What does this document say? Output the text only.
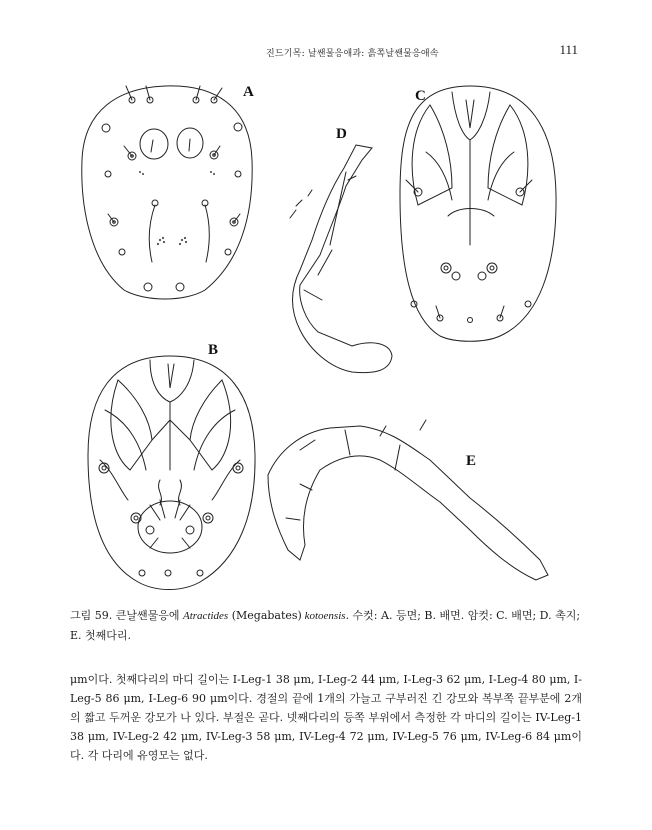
진드기목: 날쌘물응애과: 흙쪽날쌘물응애속	111
A
B
C
D
E
그림 59. 큰날쌘물응에 Atractides (Megabates) kotoensis. 수컷: A. 등면; B. 배면. 암컷: C. 배면; D. 촉지; E. 첫째다리.
μm이다. 첫째다리의 마디 길이는 I-Leg-1 38 μm, I-Leg-2 44 μm, I-Leg-3 62 μm, I-Leg-4 80 μm, I-Leg-5 86 μm, I-Leg-6 90 μm이다. 경절의 끝에 1개의 가늘고 구부러진 긴 강모와 복부쪽 끝부분에 2개의 짧고 두꺼운 강모가 나 있다. 부절은 곧다. 넷째다리의 등쪽 부위에서 측정한 각 마디의 길이는 IV-Leg-1 38 μm, IV-Leg-2 42 μm, IV-Leg-3 58 μm, IV-Leg-4 72 μm, IV-Leg-5 76 μm, IV-Leg-6 84 μm이다. 각 다리에 유영모는 없다.
